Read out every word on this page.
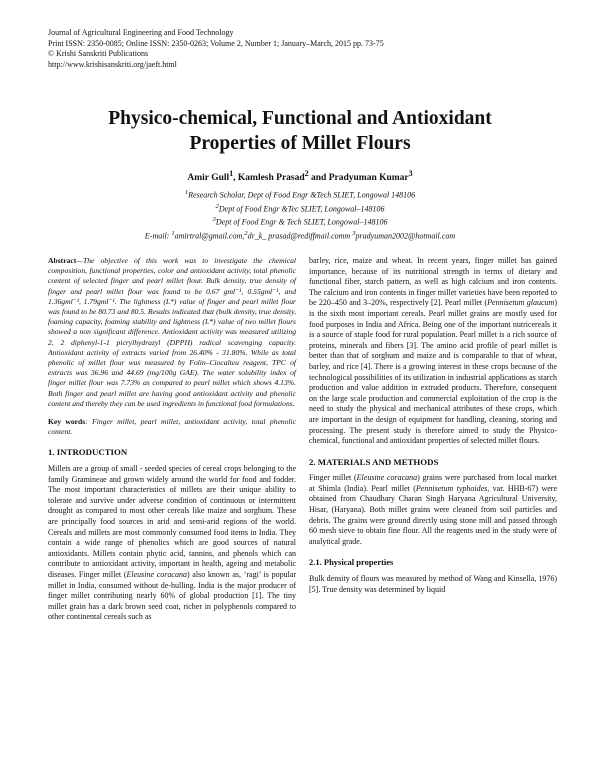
Journal of Agricultural Engineering and Food Technology
Print ISSN: 2350-0085; Online ISSN: 2350-0263; Volume 2, Number 1; January–March, 2015 pp. 73-75
© Krishi Sanskriti Publications
http://www.krishisanskriti.org/jaeft.html
Physico-chemical, Functional and Antioxidant
Properties of Millet Flours
Amir Gull$^1$, Kamlesh Prasad$^2$ and Pradyuman Kumar$^3$
$^1$Research Scholar, Dept of Food Engr &Tech SLIET, Longowal 148106
$^2$Dept of Food Engr &Tec SLIET, Longowal–148106
$^3$Dept of Food Engr & Tech SLIET, Longowal–148106
E-mail: $^1$amirtral@gmail.com,$^2$dr_k_ prasad@rediffmail.comm $^3$pradyuman2002@hotmail.com

Abstract—The objective of this work was to investigate the chemical composition, functional properties, color and antioxidant activity, total phenolic content of selected finger and pearl millet flour. Bulk density, true density of finger and pearl millet flour was found to be 0.67 gml⁻¹, 0.55gml⁻¹, and 1.36gml⁻¹, 1.79gml⁻¹. The lightness (L*) value of finger and pearl millet flour was found to be 80.73 and 80.5. Results indicated that (bulk density, true density, foaming capacity, foaming stability and lightness (L*) value of two millet flours showed a non significant difference. Antioxidant activity was measured utilizing 2, 2 diphenyl-1-1 picrylhydrazyl (DPPH) radical scavenging capacity. Antioxidant activity of extracts varied from 26.40% - 31.80%. While as total phenolic of millet flour was measured by Folin–Ciocalteu reagent, TPC of extracts was 36.96 and 44.69 (mg/100g GAE). The water solubility index of finger millet flour was 7.73% as compared to pearl millet which shows 4.13%. Both finger and pearl millet are having good antioxidant activity and phenolic content and thereby they can be used ingredients in functional food formulations.

Key words: Finger millet, pearl millet, antioxidant activity, total phenolic content.

1. INTRODUCTION

Millets are a group of small - seeded species of cereal crops belonging to the family Gramineae and grown widely around the world for food and fodder. The most important characteristics of millets are their unique ability to tolerate and survive under adverse condition of continuous or intermittent drought as compared to most other cereals like maize and sorghum. These are principally food sources in arid and semi-arid regions of the world. Cereals and millets are most commonly consumed food items in India. They contain a wide range of phenolics which are good sources of natural antioxidants. Millets contain phytic acid, tannins, and phenols which can contribute to antioxidant activity, important in health, ageing and metabolic diseases. Finger millet (Eleusine coracana) also known as, ‘ragi’ is popular millet in India, consumed without de-hulling. India is the major producer of finger millet contributing nearly 60% of global production [1]. The tiny millet grain has a dark brown seed coat, richer in polyphenols compared to other continental cereals such as

barley, rice, maize and wheat. In recent years, finger millet has gained importance, because of its nutritional strength in terms of dietary and functional fiber, starch pattern, as well as high calcium and iron contents. The calcium and iron contents in finger millet varieties have been reported to be 220–450 and 3–20%, respectively [2]. Pearl millet (Pennisetum glaucum) is the sixth most important cereals. Pearl millet grains are mostly used for food purposes in India and Africa. Being one of the important nutricereals it is a source of staple food for rural population. Pearl millet is a rich source of proteins, minerals and fibers [3]. The amino acid profile of pearl millet is better than that of sorghum and maize and is comparable to that of wheat, barley, and rice [4]. There is a growing interest in these crops because of the technological possibilities of its utilization in industrial applications as starch production and value addition in extruded products. Therefore, consequent on the large scale production and commercial exploitation of the crop is the need to study the physical and mechanical attributes of these crops, which are important in the design of equipment for handling, cleaning, storing and processing. The present study is therefore aimed to study the Physico-chemical, functional and antioxidant properties of selected millet flours.

2. MATERIALS AND METHODS

Finger millet (Eleusine coracana) grains were purchased from local market at Shimla (India). Pearl millet (Pennisetum typhoides, var. HHB-67) were obtained from Chaudhary Charan Singh Haryana Agricultural University, Hisar, (Haryana). Both millet grains were cleaned from soil particles and debris. The grains were ground directly using stone mill and passed through 60 mesh sieve to obtain fine flour. All the reagents used in the study were of analytical grade.

2.1. Physical properties

Bulk density of flours was measured by method of Wang and Kinsella, 1976) [5]. True density was determined by liquid
